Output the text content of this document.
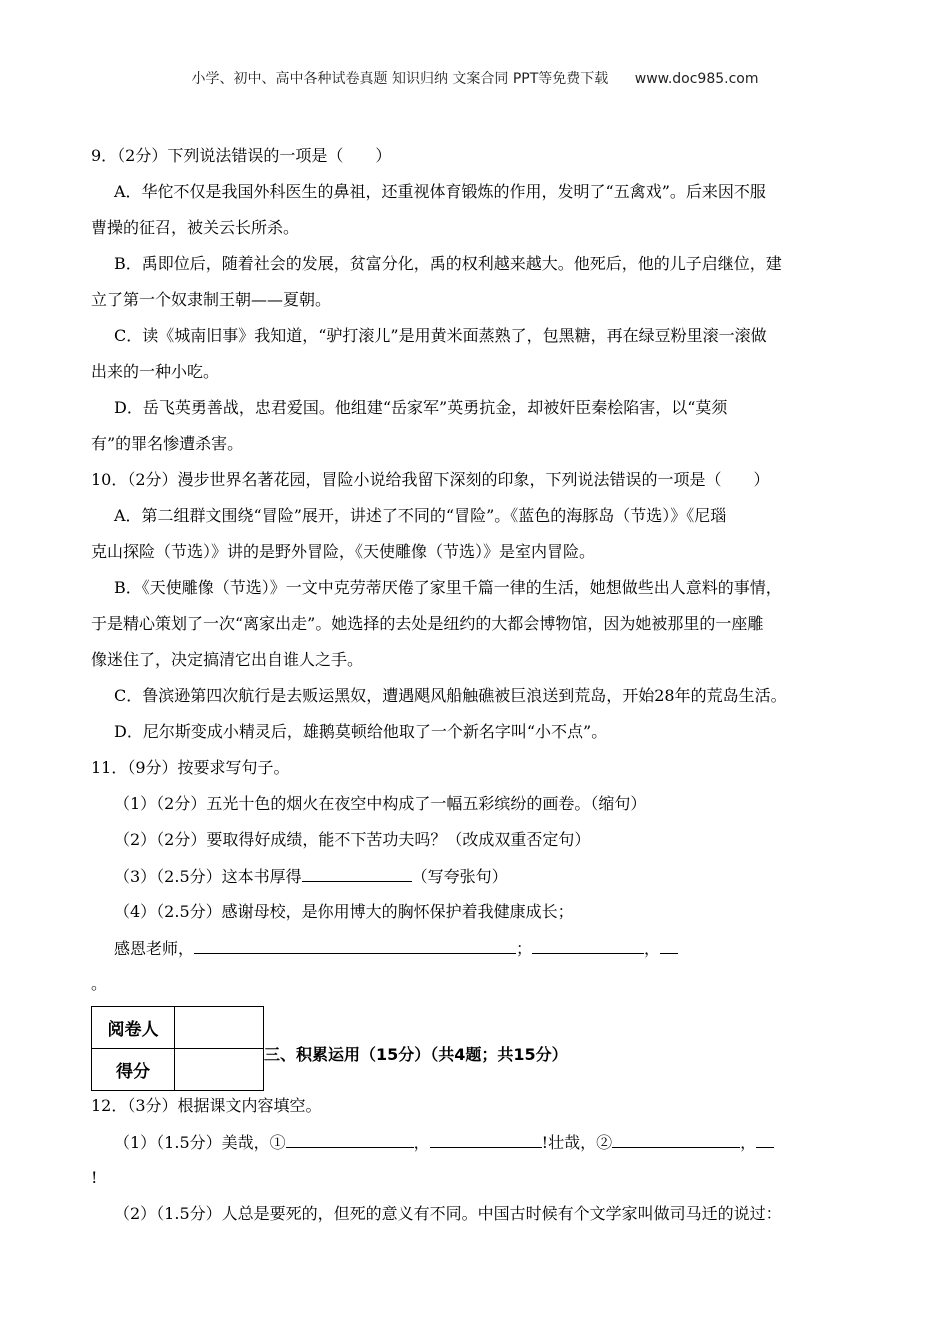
小学、初中、高中各种试卷真题 知识归纳 文案合同 PPT等免费下载 www.doc985.com
9．（2分）下列说法错误的一项是（　　）
A．华佗不仅是我国外科医生的鼻祖，还重视体育锻炼的作用，发明了“五禽戏”。后来因不服
曹操的征召，被关云长所杀。
B．禹即位后，随着社会的发展，贫富分化，禹的权利越来越大。他死后，他的儿子启继位，建
立了第一个奴隶制王朝——夏朝。
C．读《城南旧事》我知道，“驴打滚儿”是用黄米面蒸熟了，包黑糖，再在绿豆粉里滚一滚做
出来的一种小吃。
D．岳飞英勇善战，忠君爱国。他组建“岳家军”英勇抗金，却被奸臣秦桧陷害，以“莫须
有”的罪名惨遭杀害。
10．（2分）漫步世界名著花园，冒险小说给我留下深刻的印象，下列说法错误的一项是（　　）
A．第二组群文围绕“冒险”展开，讲述了不同的“冒险”。《蓝色的海豚岛（节选）》《尼瑙
克山探险（节选）》讲的是野外冒险，《天使雕像（节选）》是室内冒险。
B．《天使雕像（节选）》一文中克劳蒂厌倦了家里千篇一律的生活，她想做些出人意料的事情，
于是精心策划了一次“离家出走”。她选择的去处是纽约的大都会博物馆，因为她被那里的一座雕
像迷住了，决定搞清它出自谁人之手。
C．鲁滨逊第四次航行是去贩运黑奴，遭遇飓风船触礁被巨浪送到荒岛，开始28年的荒岛生活。
D．尼尔斯变成小精灵后，雄鹅莫顿给他取了一个新名字叫“小不点”。
11．（9分）按要求写句子。
（1）（2分）五光十色的烟火在夜空中构成了一幅五彩缤纷的画卷。（缩句）
（2）（2分）要取得好成绩，能不下苦功夫吗？（改成双重否定句）
（3）（2.5分）这本书厚得	（写夸张句）
（4）（2.5分）感谢母校，是你用博大的胸怀保护着我健康成长；
感恩老师，	；	，
。
阅卷人	
得分	
三、积累运用（15分）（共4题；共15分）
12．（3分）根据课文内容填空。
（1）（1.5分）美哉，①	，	!壮哉，②	，
!
（2）（1.5分）人总是要死的，但死的意义有不同。中国古时候有个文学家叫做司马迁的说过：
